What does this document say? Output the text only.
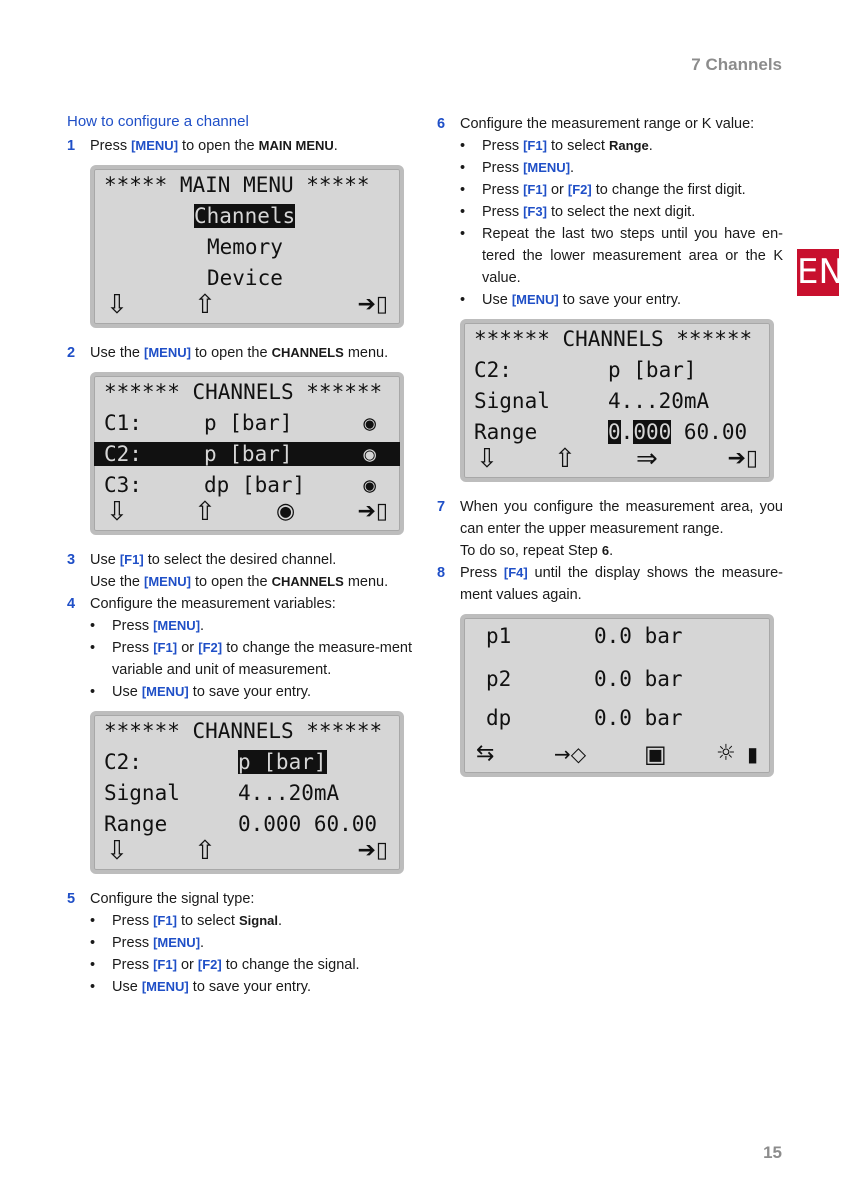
7 Channels
EN
How to configure a channel
1 Press [MENU] to open the MAIN MENU.
***** MAIN MENU *****
Channels
Memory
Device
⇩	⇧	➔▯
2 Use the [MENU] to open the CHANNELS menu.
****** CHANNELS ******
C1:	p [bar]	◉
C2:	p [bar]	◉
C3:	dp [bar]	◉
⇩	⇧	◉	➔▯
3 Use [F1] to select the desired channel.
Use the [MENU] to open the CHANNELS menu.
4 Configure the measurement variables:
• Press [MENU].
• Press [F1] or [F2] to change the measure-ment variable and unit of measurement.
• Use [MENU] to save your entry.
****** CHANNELS ******
C2:	p [bar]
Signal	4...20mA
Range	0.000 60.00
⇩	⇧	➔▯
5 Configure the signal type:
• Press [F1] to select Signal.
• Press [MENU].
• Press [F1] or [F2] to change the signal.
• Use [MENU] to save your entry.
6 Configure the measurement range or K value:
• Press [F1] to select Range.
• Press [MENU].
• Press [F1] or [F2] to change the first digit.
• Press [F3] to select the next digit.
• Repeat the last two steps until you have en-tered the lower measurement area or the K value.
• Use [MENU] to save your entry.
****** CHANNELS ******
C2:	p [bar]
Signal	4...20mA
Range	0.000 60.00
⇩ ⇧ ⇒	➔▯
7 When you configure the measurement area, you can enter the upper measurement range.
To do so, repeat Step 6.
8 Press [F4] until the display shows the measure-ment values again.
p1	0.0 bar
p2	0.0 bar
dp	0.0 bar
⇆	→◇ ▣ ☼ ▮
15
